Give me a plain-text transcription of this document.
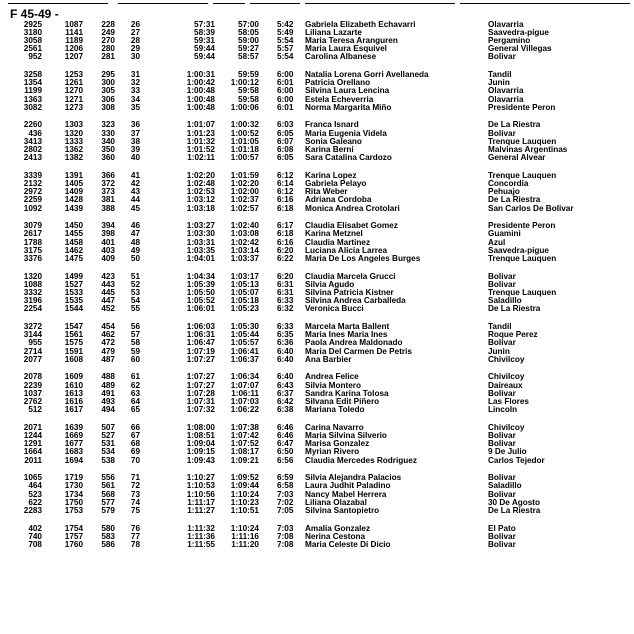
F 45-49 -
2925	1087 228 26	57:31	57:00 5:42 Gabriela Elizabeth Echavarri	Olavarria
3180	1141 249 27	58:39	58:05 5:49 Liliana Lazarte	Saavedra-pigue
3058	1189 270 28	59:31	59:00 5:54 Maria Teresa Aranguren	Pergamino
2561	1206 280 29	59:44	59:27 5:57 Maria Laura Esquivel	General Villegas
952	1207 281 30	59:44	58:57 5:54 Carolina Albanese	Bolivar
3258	1253 295 31	1:00:31	59:59 6:00 Natalia Lorena Gorri Avellaneda	Tandil
1354	1261 300 32	1:00:42 1:00:12 6:01 Patricia Orellano	Junin
1199	1270 305 33	1:00:48	59:58 6:00 Silvina Laura Lencina	Olavarria
1363	1271 306 34	1:00:48	59:58 6:00 Estela Echeverria	Olavarria
3082	1273 308 35	1:00:48 1:00:06 6:01 Norma Margarita Miño	Presidente Peron
2260	1303 323 36	1:01:07 1:00:32 6:03 Franca Isnard	De La Riestra
436	1320 330 37	1:01:23 1:00:52 6:05 Maria Eugenia Videla	Bolivar
3413	1333 340 38	1:01:32 1:01:05 6:07 Sonia Galeano	Trenque Lauquen
2802	1362 350 39	1:01:52 1:01:18 6:08 Karina Berni	Malvinas Argentinas
2413	1382 360 40	1:02:11 1:00:57 6:05 Sara Catalina Cardozo	General Alvear
3339	1391 366 41	1:02:20 1:01:59 6:12 Karina Lopez	Trenque Lauquen
2132	1405 372 42	1:02:48 1:02:20 6:14 Gabriela Pelayo	Concordia
2972	1409 373 43	1:02:53 1:02:00 6:12 Rita Weber	Pehuajo
2259	1428 381 44	1:03:12 1:02:37 6:16 Adriana Cordoba	De La Riestra
1092	1439 388 45	1:03:18 1:02:57 6:18 Monica Andrea Crotolari	San Carlos De Bolivar
3079	1450 394 46	1:03:27 1:02:40 6:17 Claudia Elisabet Gomez	Presidente Peron
2617	1455 398 47	1:03:30 1:03:08 6:18 Karina Metznel	Guamini
1788	1458 401 48	1:03:31 1:02:42 6:16 Claudia Martinez	Azul
3175	1462 403 49	1:03:35 1:03:14 6:20 Luciana Alicia Larrea	Saavedra-pigue
3376	1475 409 50	1:04:01 1:03:37 6:22 Maria De Los Angeles Burges	Trenque Lauquen
1320	1499 423 51	1:04:34 1:03:17 6:20 Claudia Marcela Grucci	Bolivar
1088	1527 443 52	1:05:39 1:05:13 6:31 Silvia Agudo	Bolivar
3332	1533 445 53	1:05:50 1:05:07 6:31 Silvina Patricia Kistner	Trenque Lauquen
3196	1535 447 54	1:05:52 1:05:18 6:33 Silvina Andrea Carballeda	Saladillo
2254	1544 452 55	1:06:01 1:05:23 6:32 Veronica Bucci	De La Riestra
3272	1547 454 56	1:06:03 1:05:30 6:33 Marcela Marta Ballent	Tandil
3144	1561 462 57	1:06:31 1:05:44 6:35 Maria Ines Maria Ines	Roque Perez
955	1575 472 58	1:06:47 1:05:57 6:36 Paola Andrea Maldonado	Bolivar
2714	1591 479 59	1:07:19 1:06:41 6:40 Maria Del Carmen De Petris	Junin
2077	1608 487 60	1:07:27 1:06:37 6:40 Ana Barbier	Chivilcoy
2078	1609 488 61	1:07:27 1:06:34 6:40 Andrea Felice	Chivilcoy
2239	1610 489 62	1:07:27 1:07:07 6:43 Silvia Montero	Daireaux
1037	1613 491 63	1:07:28 1:06:11 6:37 Sandra Karina Tolosa	Bolivar
2762	1616 493 64	1:07:31 1:07:03 6:42 Silvana Edit Piñero	Las Flores
512	1617 494 65	1:07:32 1:06:22 6:38 Mariana Toledo	Lincoln
2071	1639 507 66	1:08:00 1:07:38 6:46 Carina Navarro	Chivilcoy
1244	1669 527 67	1:08:51 1:07:42 6:46 Maria Silvina Silverio	Bolivar
1291	1677 531 68	1:09:04 1:07:52 6:47 Marisa Gonzalez	Bolivar
1664	1683 534 69	1:09:15 1:08:17 6:50 Myrian Rivero	9 De Julio
2011	1694 538 70	1:09:43 1:09:21 6:56 Claudia Mercedes Rodriguez	Carlos Tejedor
1065	1719 556 71	1:10:27 1:09:52 6:59 Silvia Alejandra Palacios	Bolivar
464	1730 561 72	1:10:53 1:09:44 6:58 Laura Judhit Paladino	Saladillo
523	1734 568 73	1:10:56 1:10:24 7:03 Nancy Mabel Herrera	Bolivar
622	1750 577 74	1:11:17 1:10:23 7:02 Liliana Olazabal	30 De Agosto
2283	1753 579 75	1:11:27 1:10:51 7:05 Silvina Santopietro	De La Riestra
402	1754 580 76	1:11:32 1:10:24 7:03 Amalia Gonzalez	El Pato
740	1757 583 77	1:11:36 1:11:16 7:08 Nerina Cestona	Bolivar
708	1760 586 78	1:11:55 1:11:20 7:08 Maria Celeste Di Dicio	Bolivar
